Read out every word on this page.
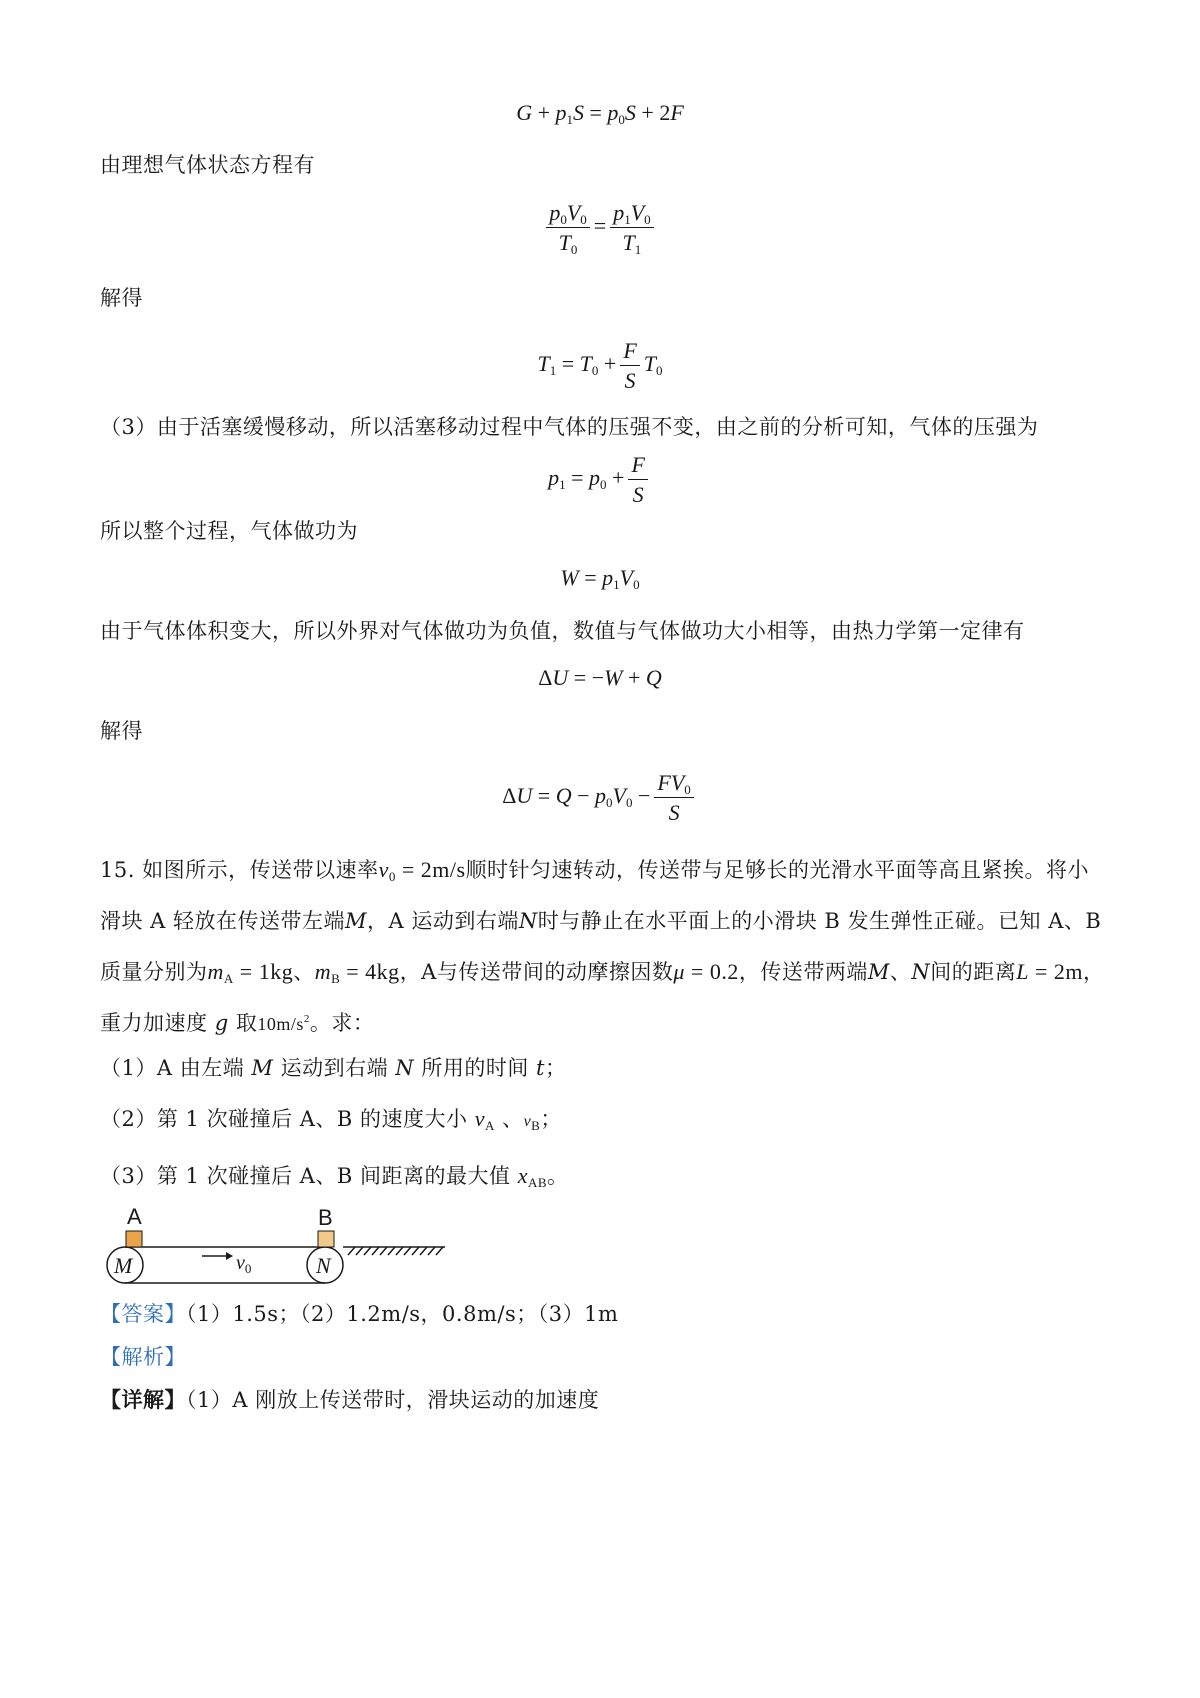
$G + p_1S = p_0S + 2F$
由理想气体状态方程有
$\frac{p_0V_0}{T_0} = \frac{p_1V_0}{T_1}$
解得
$T_1 = T_0 + \frac{F}{S} T_0$
（3）由于活塞缓慢移动，所以活塞移动过程中气体的压强不变，由之前的分析可知，气体的压强为
$p_1 = p_0 + \frac{F}{S}$
所以整个过程，气体做功为
$W = p_1V_0$
由于气体体积变大，所以外界对气体做功为负值，数值与气体做功大小相等，由热力学第一定律有
ΔU = −W + Q
解得
$\Delta U = Q - p_0V_0 - \frac{FV_0}{S}$
15. 如图所示，传送带以速率$v_0 = 2m/s$顺时针匀速转动，传送带与足够长的光滑水平面等高且紧挨。将小
滑块 A 轻放在传送带左端M，A 运动到右端N时与静止在水平面上的小滑块 B 发生弹性正碰。已知 A、B
质量分别为$m_A = 1kg$、$m_B = 4kg$，A与传送带间的动摩擦因数μ = 0.2，传送带两端M、N间的距离L = 2m，
重力加速度 g 取$10m/s^2$。求：
（1）A 由左端 M 运动到右端 N 所用的时间 t；
（2）第 1 次碰撞后 A、B 的速度大小 $v_A$ 、$v_B$；
（3）第 1 次碰撞后 A、B 间距离的最大值 $x_{AB}$。
A	B
M	N
$v_0$
【答案】（1）1.5s；（2）1.2m/s，0.8m/s；（3）1m
【解析】
【详解】（1）A 刚放上传送带时，滑块运动的加速度
